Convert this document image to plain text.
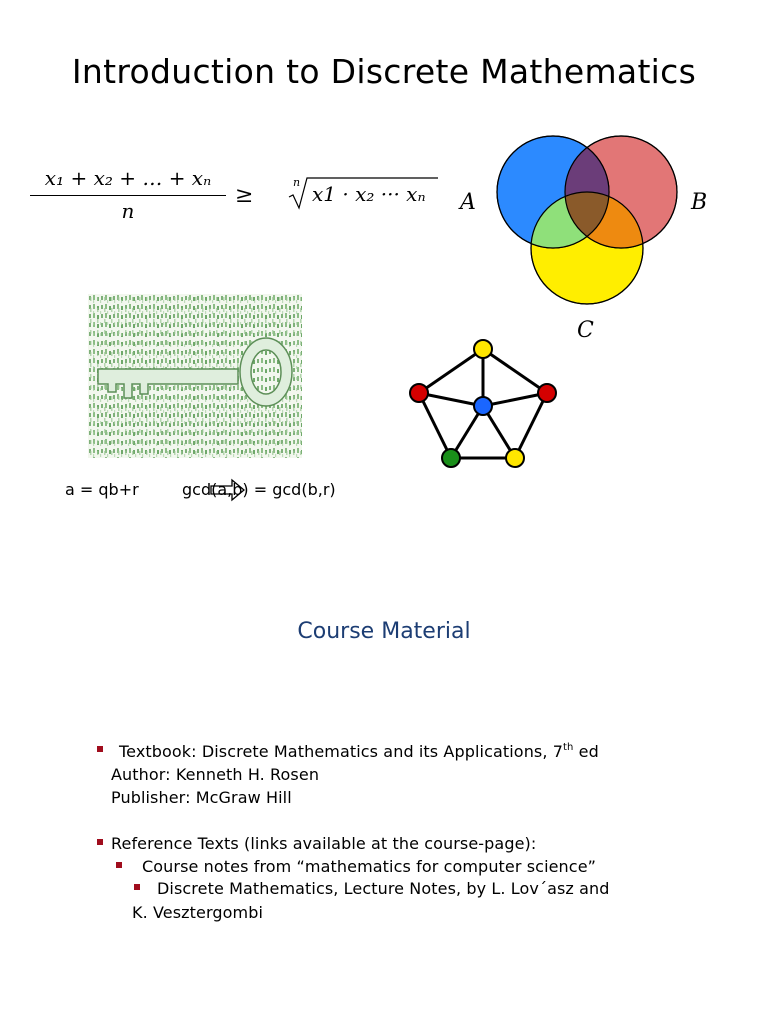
Introduction to Discrete Mathematics
x₁ + x₂ + … + xₙ
n
≥
n x1 · x₂ ··· xₙ A	B
C
a = qb+r	gcd(a,b) = gcd(b,r)
Course Material
Textbook: Discrete Mathematics and its Applications, 7th ed
Author: Kenneth H. Rosen
Publisher: McGraw Hill
Reference Texts (links available at the course-page):
Course notes from “mathematics for computer science”
Discrete Mathematics, Lecture Notes, by L. Lov´asz and
K. Vesztergombi
